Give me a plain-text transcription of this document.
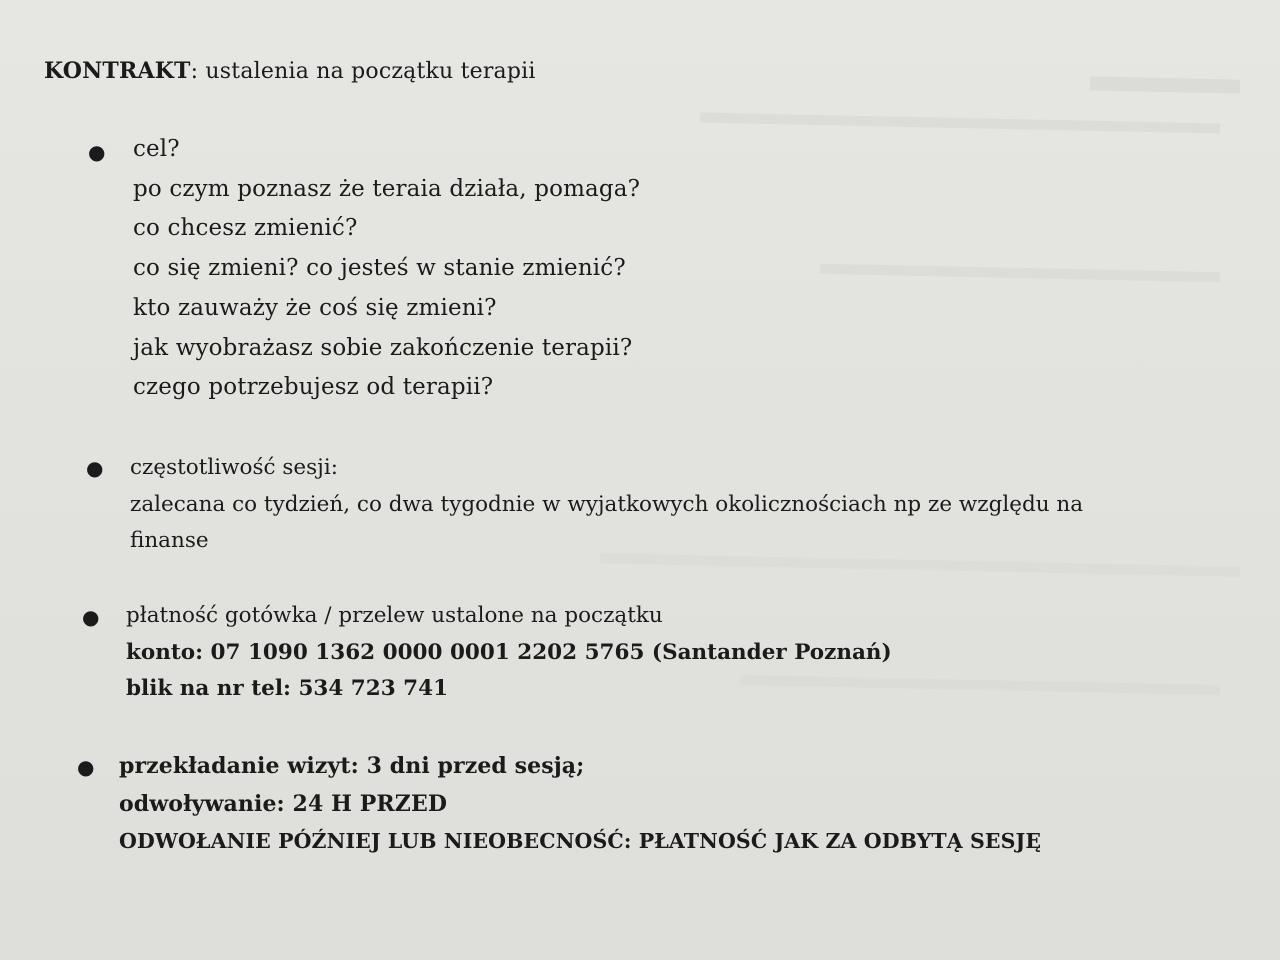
KONTRAKT: ustalenia na początku terapii
● cel?
po czym poznasz że teraia działa, pomaga?
co chcesz zmienić?
co się zmieni? co jesteś w stanie zmienić?
kto zauważy że coś się zmieni?
jak wyobrażasz sobie zakończenie terapii?
czego potrzebujesz od terapii?
● częstotliwość sesji:
zalecana co tydzień, co dwa tygodnie w wyjatkowych okolicznościach np ze względu na
finanse
● płatność gotówka / przelew ustalone na początku
konto: 07 1090 1362 0000 0001 2202 5765 (Santander Poznań)
blik na nr tel: 534 723 741
● przekładanie wizyt: 3 dni przed sesją;
odwoływanie: 24 H PRZED
ODWOŁANIE PÓŹNIEJ LUB NIEOBECNOŚĆ: PŁATNOŚĆ JAK ZA ODBYTĄ SESJĘ
